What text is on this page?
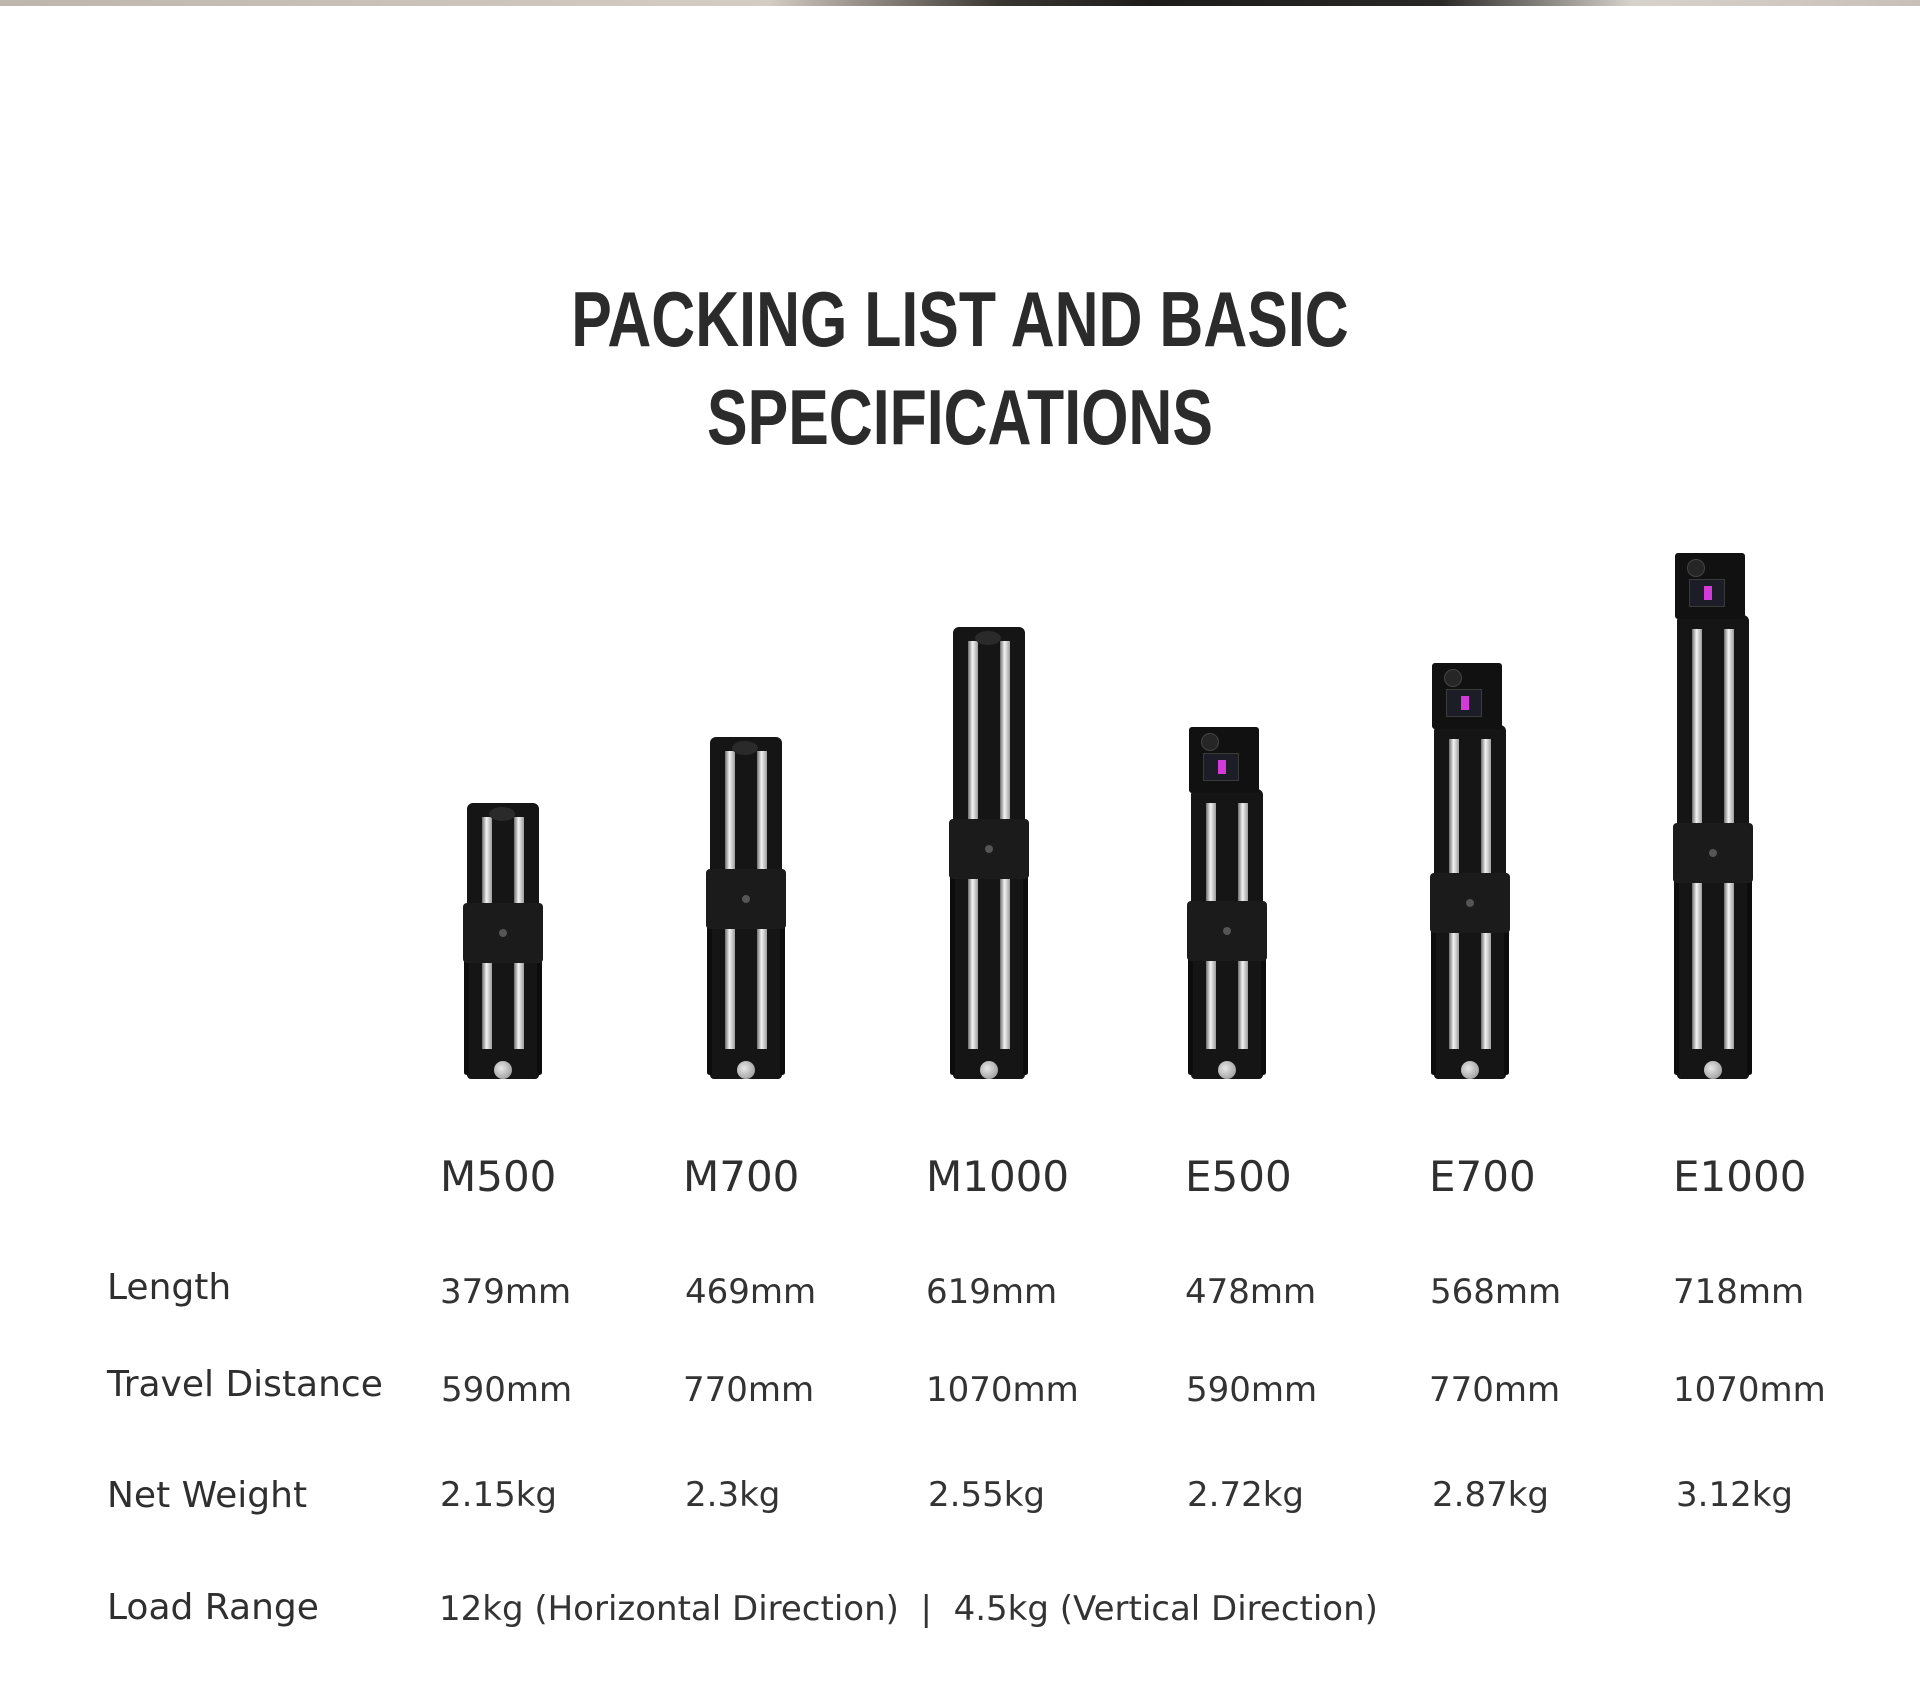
PACKING LIST AND BASIC
SPECIFICATIONS
M500	M700	M1000	E500	E700	E1000
Length	379mm	469mm	619mm	478mm	568mm	718mm
Travel Distance 590mm	770mm	1070mm	590mm	770mm	1070mm
Net Weight	2.15kg	2.3kg	2.55kg	2.72kg	2.87kg	3.12kg
Load Range	12kg (Horizontal Direction)  |  4.5kg (Vertical Direction)
